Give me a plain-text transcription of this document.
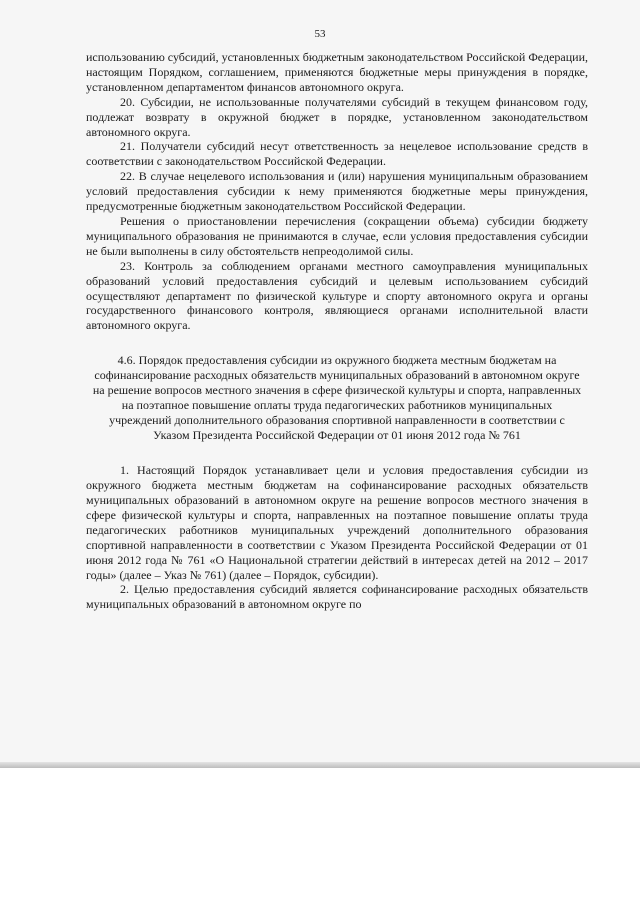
53

использованию субсидий, установленных бюджетным законодательством Российской Федерации, настоящим Порядком, соглашением, применяются бюджетные меры принуждения в порядке, установленном департаментом финансов автономного округа.

20. Субсидии, не использованные получателями субсидий в текущем финансовом году, подлежат возврату в окружной бюджет в порядке, установленном законодательством автономного округа.

21. Получатели субсидий несут ответственность за нецелевое использование средств в соответствии с законодательством Российской Федерации.

22. В случае нецелевого использования и (или) нарушения муниципальным образованием условий предоставления субсидии к нему применяются бюджетные меры принуждения, предусмотренные бюджетным законодательством Российской Федерации.

Решения о приостановлении перечисления (сокращении объема) субсидии бюджету муниципального образования не принимаются в случае, если условия предоставления субсидии не были выполнены в силу обстоятельств непреодолимой силы.

23. Контроль за соблюдением органами местного самоуправления муниципальных образований условий предоставления субсидий и целевым использованием субсидий осуществляют департамент по физической культуре и спорту автономного округа и органы государственного финансового контроля, являющиеся органами исполнительной власти автономного округа.

4.6. Порядок предоставления субсидии из окружного бюджета местным бюджетам на софинансирование расходных обязательств муниципальных образований в автономном округе на решение вопросов местного значения в сфере физической культуры и спорта, направленных на поэтапное повышение оплаты труда педагогических работников муниципальных учреждений дополнительного образования спортивной направленности в соответствии с Указом Президента Российской Федерации от 01 июня 2012 года № 761

1. Настоящий Порядок устанавливает цели и условия предоставления субсидии из окружного бюджета местным бюджетам на софинансирование расходных обязательств муниципальных образований в автономном округе на решение вопросов местного значения в сфере физической культуры и спорта, направленных на поэтапное повышение оплаты труда педагогических работников муниципальных учреждений дополнительного образования спортивной направленности в соответствии с Указом Президента Российской Федерации от 01 июня 2012 года № 761 «О Национальной стратегии действий в интересах детей на 2012 – 2017 годы» (далее – Указ № 761) (далее – Порядок, субсидии).

2. Целью предоставления субсидий является софинансирование расходных обязательств муниципальных образований в автономном округе по
